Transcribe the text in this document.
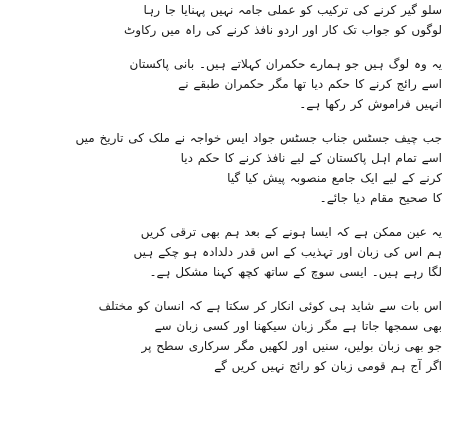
سلو گیر کرنے کی ترکیب کو عملی جامہ نہیں پہنایا جا رہا
لوگوں کو جواب تک کار اور اردو نافذ کرنے کی راہ میں رکاوٹ

یہ وہ لوگ ہیں جو ہمارے حکمران کہلاتے ہیں۔ بانی پاکستان
اسے رائج کرنے کا حکم دیا تھا مگر حکمران طبقے نے
انہیں فراموش کر رکھا ہے۔

جب چیف جسٹس جناب جسٹس جواد ایس خواجہ نے ملک کی تاریخ میں
اسے تمام اہل پاکستان کے لیے نافذ کرنے کا حکم دیا
کرنے کے لیے ایک جامع منصوبہ پیش کیا گیا
کا صحیح مقام دیا جائے۔

یہ عین ممکن ہے کہ ایسا ہونے کے بعد ہم بھی ترقی کریں
ہم اس کی زبان اور تہذیب کے اس قدر دلدادہ ہو چکے ہیں
لگا رہے ہیں۔ ایسی سوچ کے ساتھ کچھ کہنا مشکل ہے۔

اس بات سے شاید ہی کوئی انکار کر سکتا ہے کہ انسان کو مختلف
بھی سمجھا جاتا ہے مگر زبان سیکھنا اور کسی زبان سے
جو بھی زبان بولیں، سنیں اور لکھیں مگر سرکاری سطح پر
اگر آج ہم قومی زبان کو رائج نہیں کریں گے
